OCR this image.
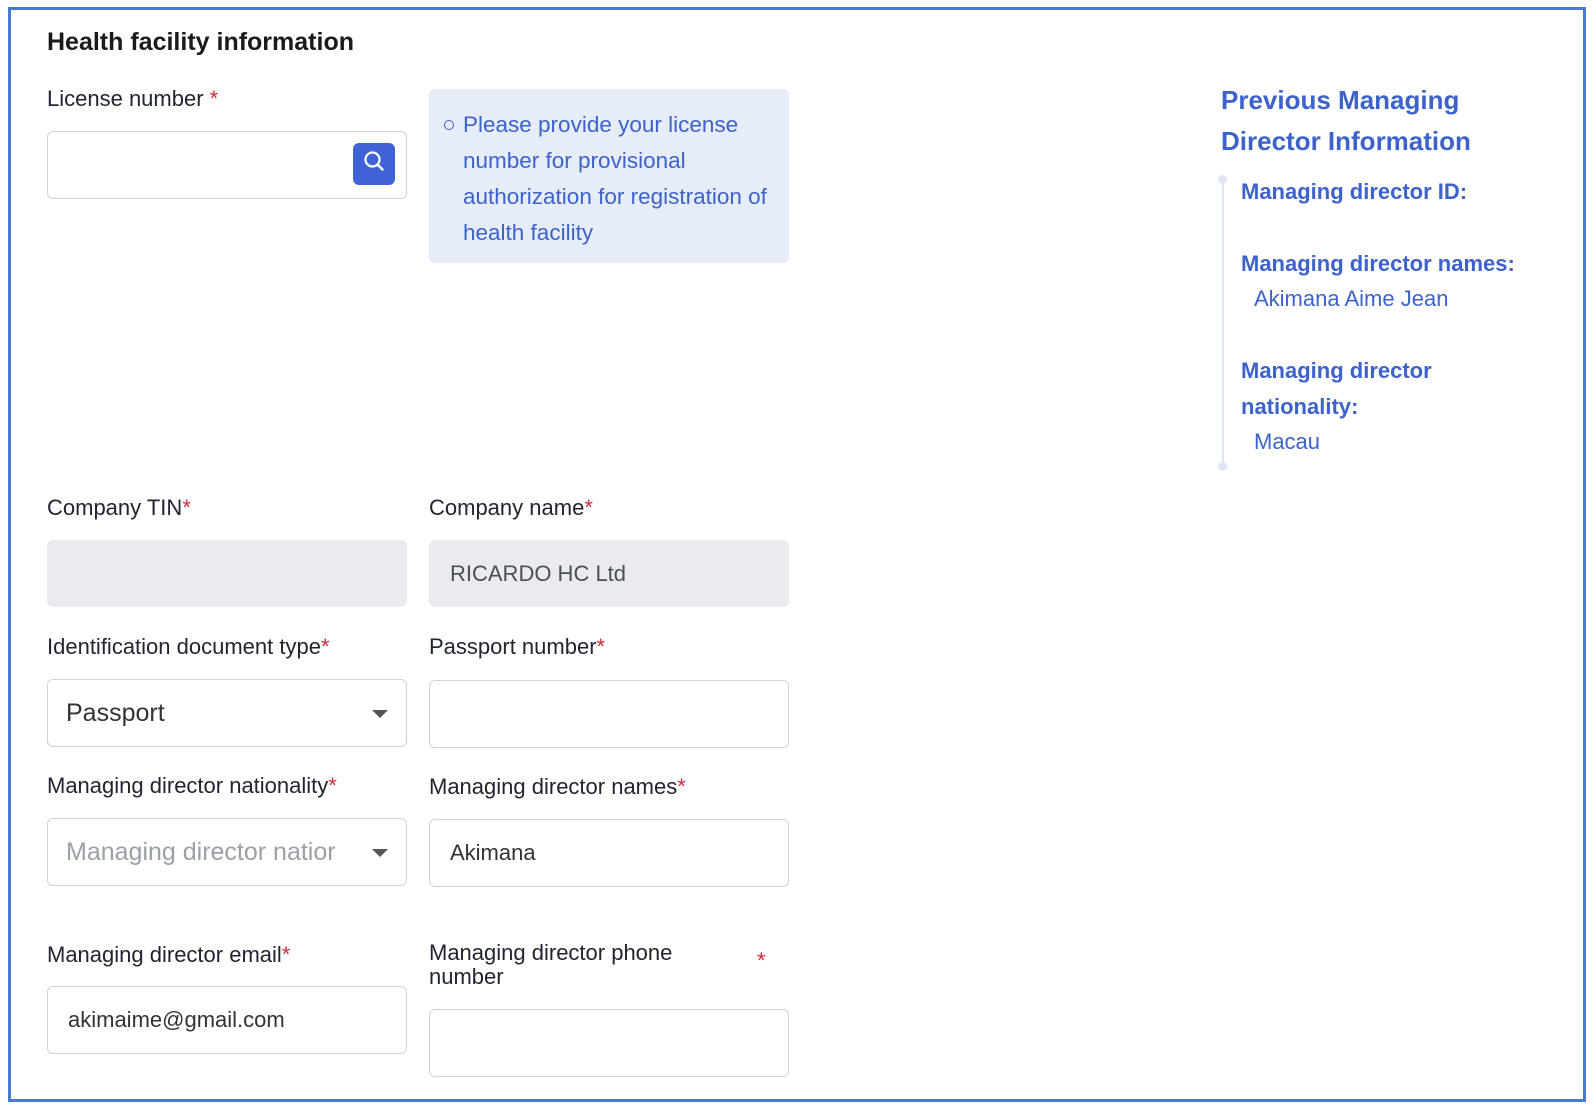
Health facility information
License number *
Please provide your license number for provisional authorization for registration of health facility
Previous Managing Director Information
Managing director ID:
Managing director names:
Akimana Aime Jean
Managing director
nationality:
Macau
Company TIN*	Company name*
RICARDO HC Ltd
Identification document type*
Passport
Passport number*
Managing director nationality*
Managing director natior
Managing director names*
Akimana
Managing director email*
akimaime@gmail.com
Managing director phone
number
*
